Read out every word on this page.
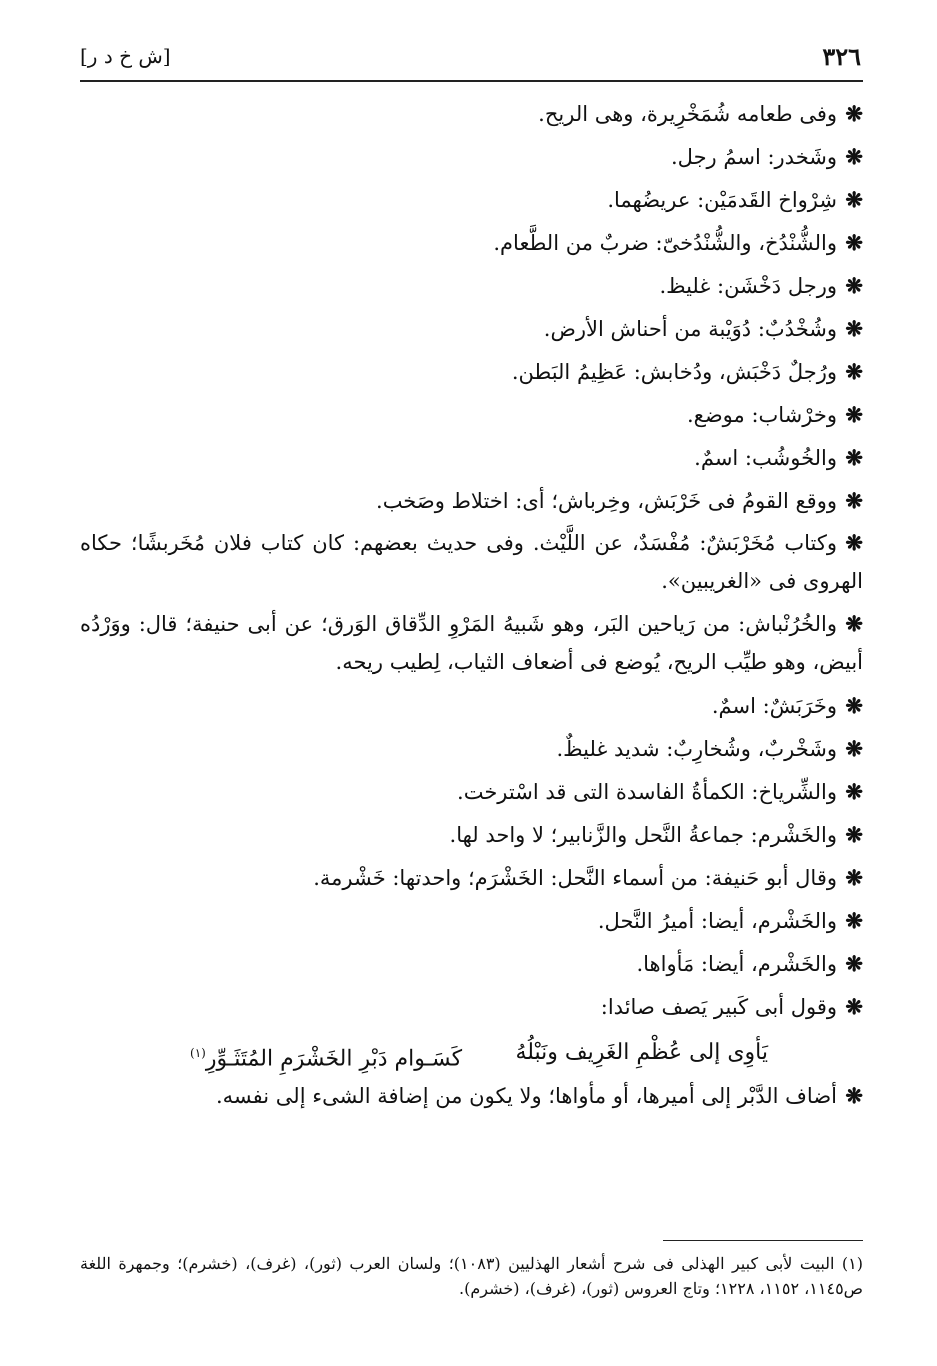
٣٢٦
[ش خ د ر]
❋وفى طعامه شُمَخْرِيرة، وهى الريح.
❋وشَخدر: اسمُ رجل.
❋شِرْواخ القَدمَيْن: عريضُهما.
❋والشُّنْدُخ، والشُّنْدُخىّ: ضربٌ من الطَّعام.
❋ورجل دَخْشَن: غليظ.
❋وشُخْدُبٌ: دُوَيْبة من أحناش الأرض.
❋ورُجلٌ دَخْبَش، ودُخابش: عَظِيمُ البَطن.
❋وخرْشاب: موضع.
❋والخُوشُب: اسمٌ.
❋ووقع القومُ فى خَرْبَش، وخِرباش؛ أى: اختلاط وصَخب.
❋وكتاب مُخَرْبَشٌ: مُفْسَدٌ، عن اللَّيْث. وفى حديث بعضهم: كان كتاب فلان مُخَربشًا؛ حكاه الهروى فى «الغريبين».
❋والخُرُنْباش: من رَياحين البَر، وهو شَبيهُ المَرْوِ الدِّقاق الوَرق؛ عن أبى حنيفة؛ قال: ووَرْدُه أبيض، وهو طيِّب الريح، يُوضع فى أضعاف الثياب، لِطيب ريحه.
❋وخَرَبَشٌ: اسمٌ.
❋وشَخْربٌ، وشُخارِبٌ: شديد غليظٌ.
❋والشِّرياخ: الكمأةُ الفاسدة التى قد اسْترخت.
❋والخَشْرم: جماعةُ النَّحل والزَّنابير؛ لا واحد لها.
❋وقال أبو حَنيفة: من أسماء النَّحل: الخَشْرَم؛ واحدتها: خَشْرمة.
❋والخَشْرم، أيضا: أميرُ النَّحل.
❋والخَشْرم، أيضا: مَأواها.
❋وقول أبى كَبير يَصف صائدا:
يَأوِى إلى عُظْمِ الغَرِيف ونَبْلُهُ
كَسَـوام دَبْرِ الخَشْرَمِ المُتَثَـوِّرِ$^{(١)}$
❋أضاف الدَّبْر إلى أميرها، أو مأواها؛ ولا يكون من إضافة الشىء إلى نفسه.
(١) البيت لأبى كبير الهذلى فى شرح أشعار الهذليين (١٠٨٣)؛ ولسان العرب (ثور)، (غرف)، (خشرم)؛ وجمهرة اللغة ص١١٤٥، ١١٥٢، ١٢٢٨؛ وتاج العروس (ثور)، (غرف)، (خشرم).
